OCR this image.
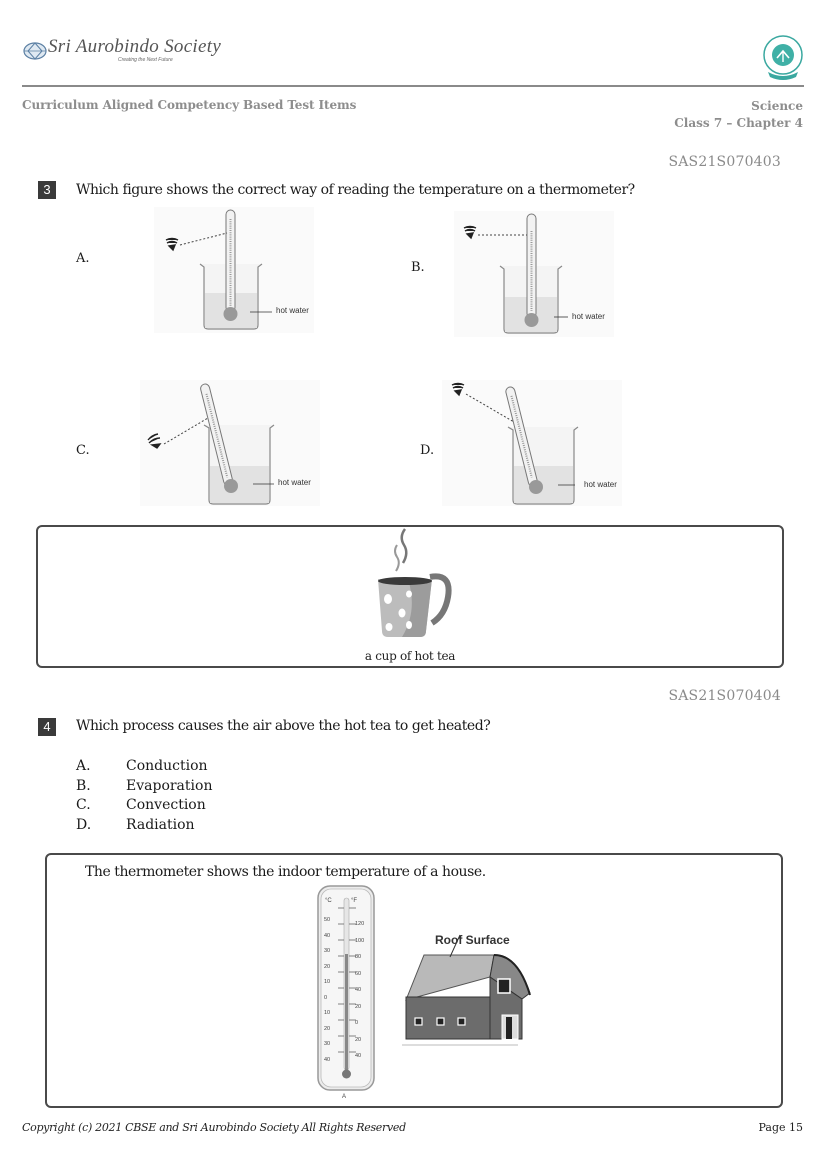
Sri Aurobindo Society
Creating the Next Future
Curriculum Aligned Competency Based Test Items	Science
Class 7 – Chapter 4
SAS21S070403
3	Which figure shows the correct way of reading the temperature on a thermometer?
A.
hot water
B.
hot water
C.
hot water
D.
hot water
a cup of hot tea
SAS21S070404
4	Which process causes the air above the hot tea to get heated?
A.	Conduction
B.	Evaporation
C.	Convection
D. Radiation
The thermometer shows the indoor temperature of a house.
°C	°F
50
40
30
20
10
0
10
20
30
40
120
100
80
60
40
20
0
20
40
A
Roof Surface
Copyright (c) 2021 CBSE and Sri Aurobindo Society All Rights Reserved	Page 15
